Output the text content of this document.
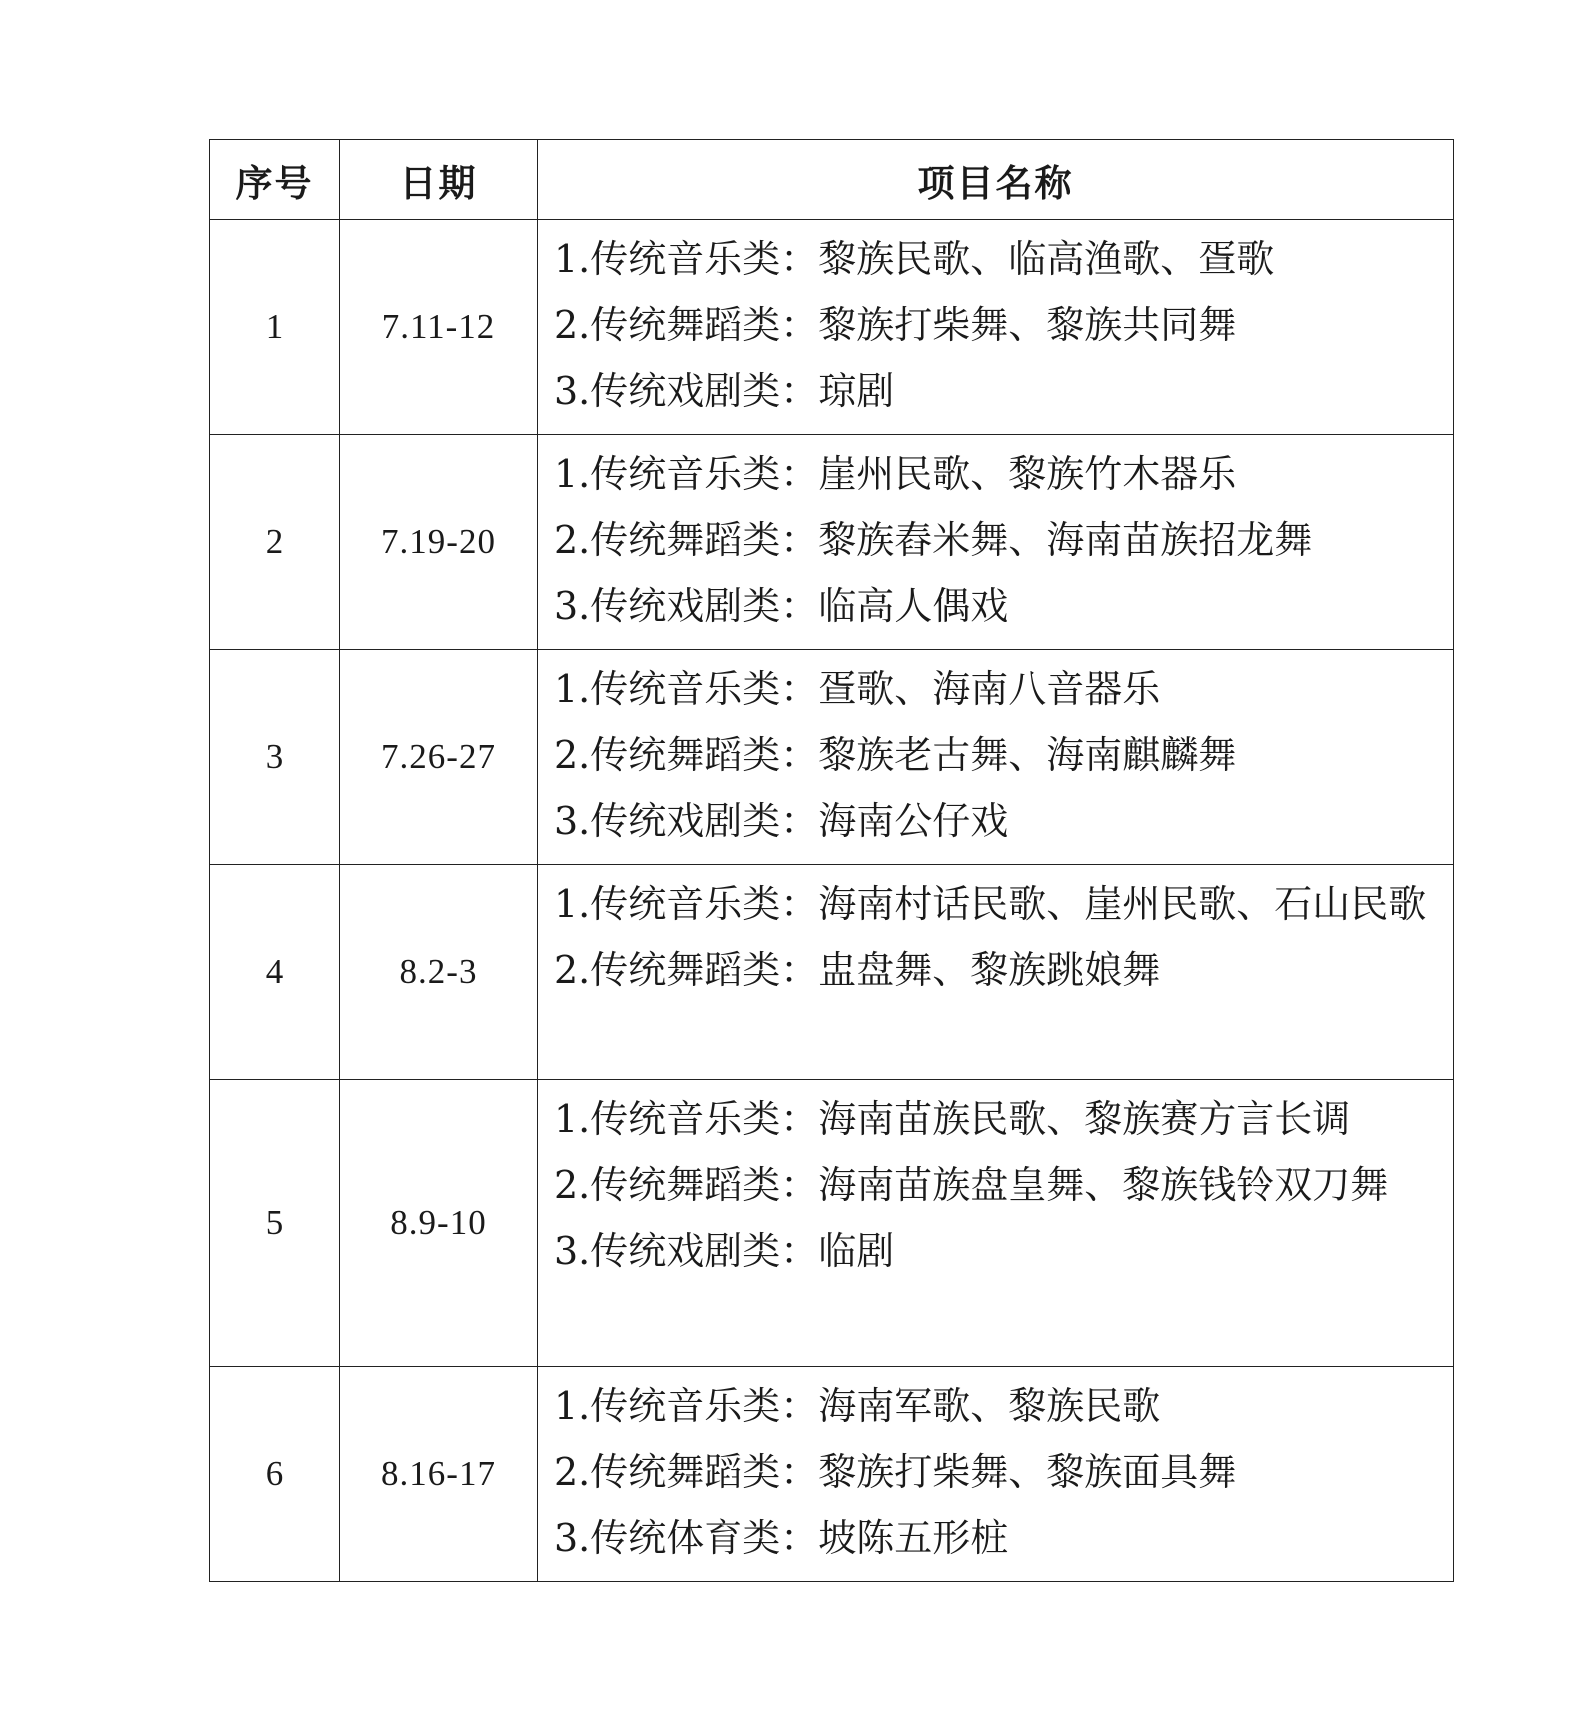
序号	日期	项目名称
1	7.11-12	1.传统音乐类：黎族民歌、临高渔歌、疍歌
2.传统舞蹈类：黎族打柴舞、黎族共同舞
3.传统戏剧类：琼剧

2	7.19-20	1.传统音乐类：崖州民歌、黎族竹木器乐
2.传统舞蹈类：黎族舂米舞、海南苗族招龙舞
3.传统戏剧类：临高人偶戏

3	7.26-27	1.传统音乐类：疍歌、海南八音器乐
2.传统舞蹈类：黎族老古舞、海南麒麟舞
3.传统戏剧类：海南公仔戏

4	8.2-3	1.传统音乐类：海南村话民歌、崖州民歌、石山民歌
2.传统舞蹈类：盅盘舞、黎族跳娘舞

5	8.9-10	1.传统音乐类：海南苗族民歌、黎族赛方言长调
2.传统舞蹈类：海南苗族盘皇舞、黎族钱铃双刀舞
3.传统戏剧类：临剧

6	8.16-17	1.传统音乐类：海南军歌、黎族民歌
2.传统舞蹈类：黎族打柴舞、黎族面具舞
3.传统体育类：坡陈五形桩
